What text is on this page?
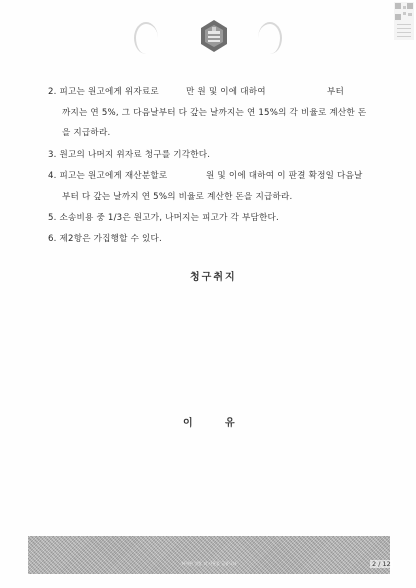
2. 피고는 원고에게 위자료로	만 원 및 이에 대하여	부터
까지는 연 5%, 그 다음날부터 다 갚는 날까지는 연 15%의 각 비율로 계산한 돈
을 지급하라.
3. 원고의 나머지 위자료 청구를 기각한다.
4. 피고는 원고에게 재산분할로	원 및 이에 대하여 이 판결 확정일 다음날
부터 다 갚는 날까지 연 5%의 비율로 계산한 돈을 지급하라.
5. 소송비용 중 1/3은 원고가, 나머지는 피고가 각 부담한다.
6. 제2항은 가집행할 수 있다.
청구취지
이	유
허락된 열람 외 사용을 금합니다	2 / 12
